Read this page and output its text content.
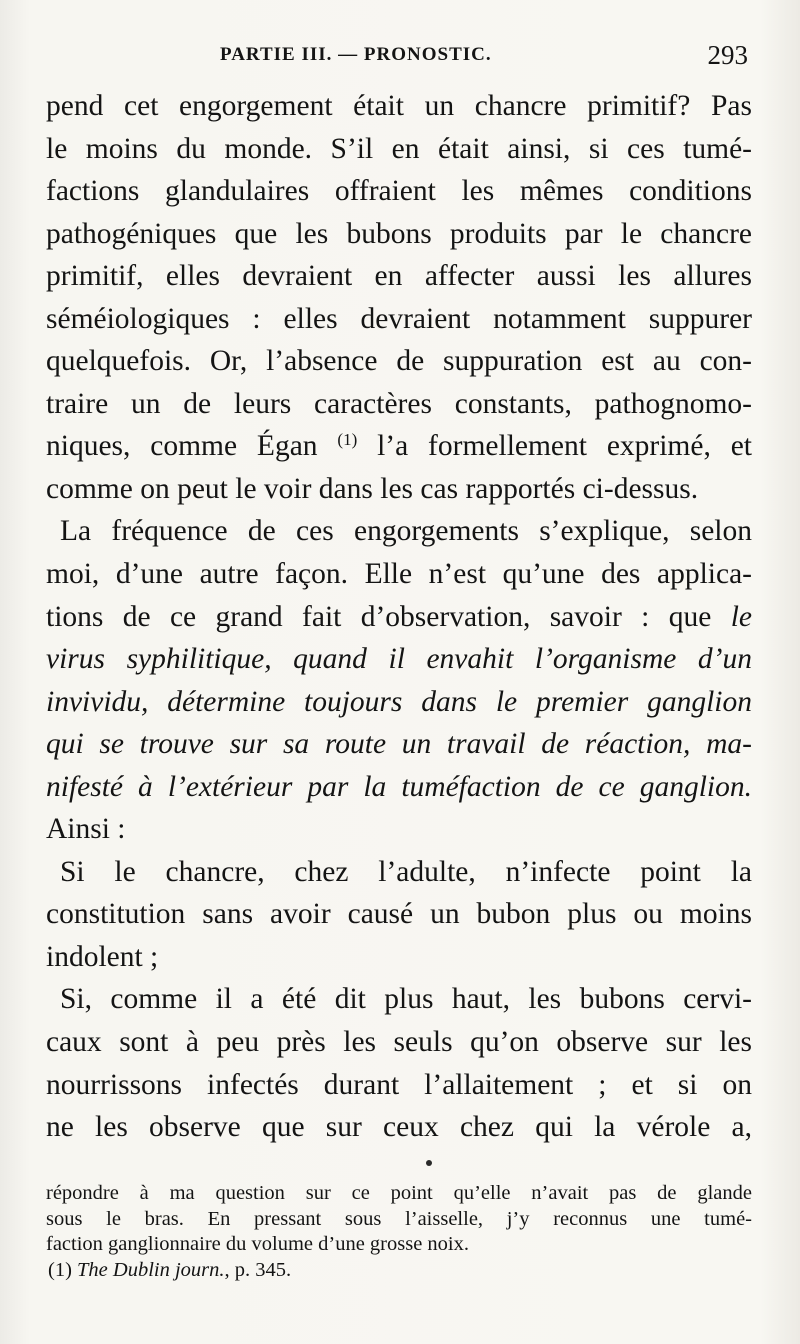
PARTIE III. — PRONOSTIC.	293
pend cet engorgement était un chancre primitif? Pas
le moins du monde. S’il en était ainsi, si ces tumé-
factions glandulaires offraient les mêmes conditions
pathogéniques que les bubons produits par le chancre
primitif, elles devraient en affecter aussi les allures
séméiologiques : elles devraient notamment suppurer
quelquefois. Or, l’absence de suppuration est au con-
traire un de leurs caractères constants, pathognomo-
niques, comme Égan $^{(1)}$ l’a formellement exprimé, et
comme on peut le voir dans les cas rapportés ci-dessus.
La fréquence de ces engorgements s’explique, selon
moi, d’une autre façon. Elle n’est qu’une des applica-
tions de ce grand fait d’observation, savoir : que le
virus syphilitique, quand il envahit l’organisme d’un
invividu, détermine toujours dans le premier ganglion
qui se trouve sur sa route un travail de réaction, ma-
nifesté à l’extérieur par la tuméfaction de ce ganglion.
Ainsi :
Si le chancre, chez l’adulte, n’infecte point la
constitution sans avoir causé un bubon plus ou moins
indolent ;
Si, comme il a été dit plus haut, les bubons cervi-
caux sont à peu près les seuls qu’on observe sur les
nourrissons infectés durant l’allaitement ; et si on
ne les observe que sur ceux chez qui la vérole a,
répondre à ma question sur ce point qu’elle n’avait pas de glande
sous le bras. En pressant sous l’aisselle, j’y reconnus une tumé-
faction ganglionnaire du volume d’une grosse noix.
(1) The Dublin journ., p. 345.
